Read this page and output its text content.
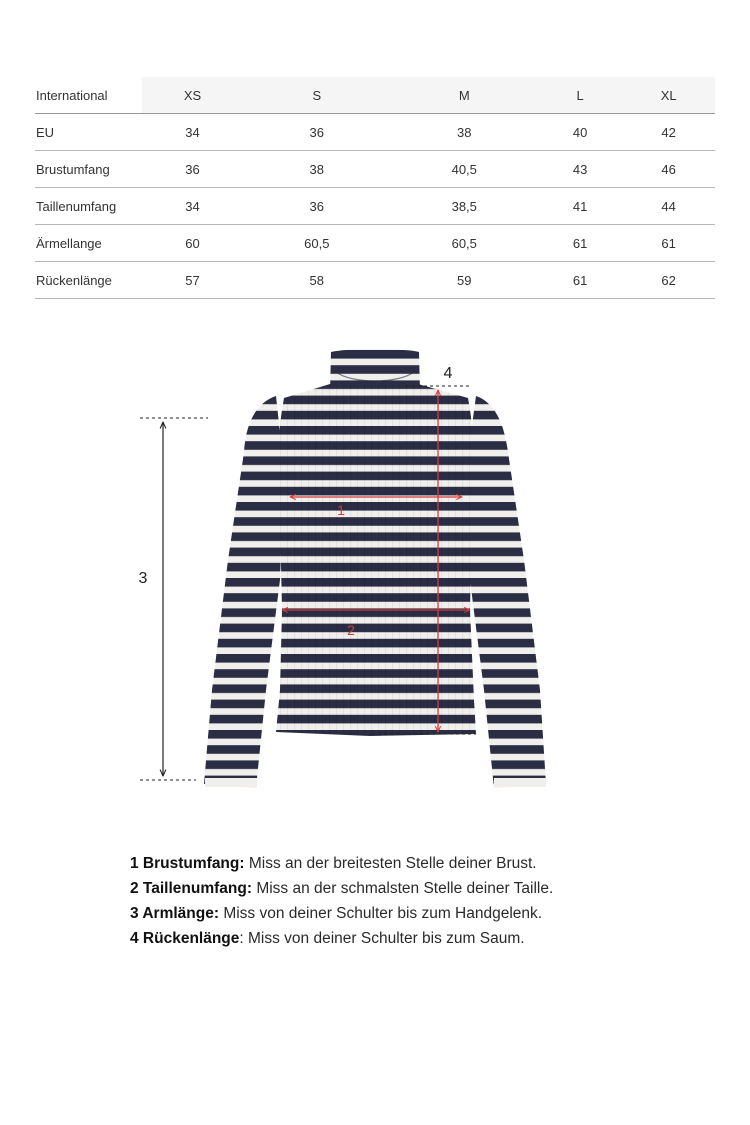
International	XS	S	M	L	XL
EU	34	36	38	40	42
Brustumfang	36	38	40,5	43	46
Taillenumfang	34	36	38,5	41	44
Ärmellange	60	60,5	60,5	61	61
Rückenlänge	57	58	59	61	62
1
2
3
4
1 Brustumfang: Miss an der breitesten Stelle deiner Brust.
2 Taillenumfang: Miss an der schmalsten Stelle deiner Taille.
3 Armlänge: Miss von deiner Schulter bis zum Handgelenk.
4 Rückenlänge: Miss von deiner Schulter bis zum Saum.
